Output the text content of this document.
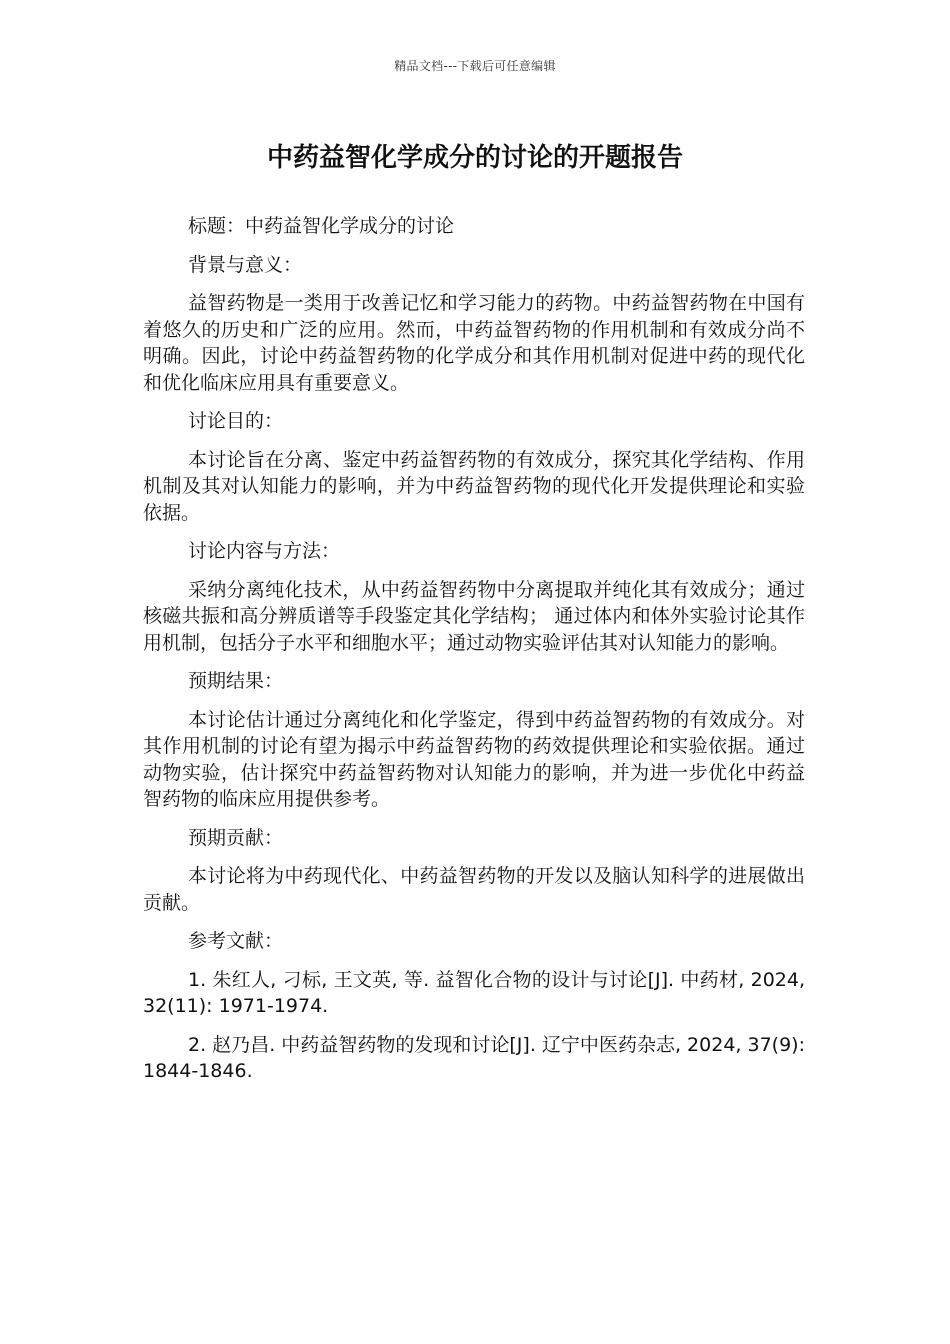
精品文档---下载后可任意编辑
中药益智化学成分的讨论的开题报告

标题：中药益智化学成分的讨论

背景与意义：

益智药物是一类用于改善记忆和学习能力的药物。中药益智药物在中国有着悠久的历史和广泛的应用。然而，中药益智药物的作用机制和有效成分尚不明确。因此，讨论中药益智药物的化学成分和其作用机制对促进中药的现代化和优化临床应用具有重要意义。

讨论目的：

本讨论旨在分离、鉴定中药益智药物的有效成分，探究其化学结构、作用机制及其对认知能力的影响，并为中药益智药物的现代化开发提供理论和实验依据。

讨论内容与方法：

采纳分离纯化技术，从中药益智药物中分离提取并纯化其有效成分；通过核磁共振和高分辨质谱等手段鉴定其化学结构； 通过体内和体外实验讨论其作用机制，包括分子水平和细胞水平；通过动物实验评估其对认知能力的影响。

预期结果：

本讨论估计通过分离纯化和化学鉴定，得到中药益智药物的有效成分。对其作用机制的讨论有望为揭示中药益智药物的药效提供理论和实验依据。通过动物实验，估计探究中药益智药物对认知能力的影响，并为进一步优化中药益智药物的临床应用提供参考。

预期贡献：

本讨论将为中药现代化、中药益智药物的开发以及脑认知科学的进展做出贡献。

参考文献：

1. 朱红人, 刁标, 王文英, 等. 益智化合物的设计与讨论[J]. 中药材, 2024, 32(11): 1971-1974.

2. 赵乃昌. 中药益智药物的发现和讨论[J]. 辽宁中医药杂志, 2024, 37(9): 1844-1846.
